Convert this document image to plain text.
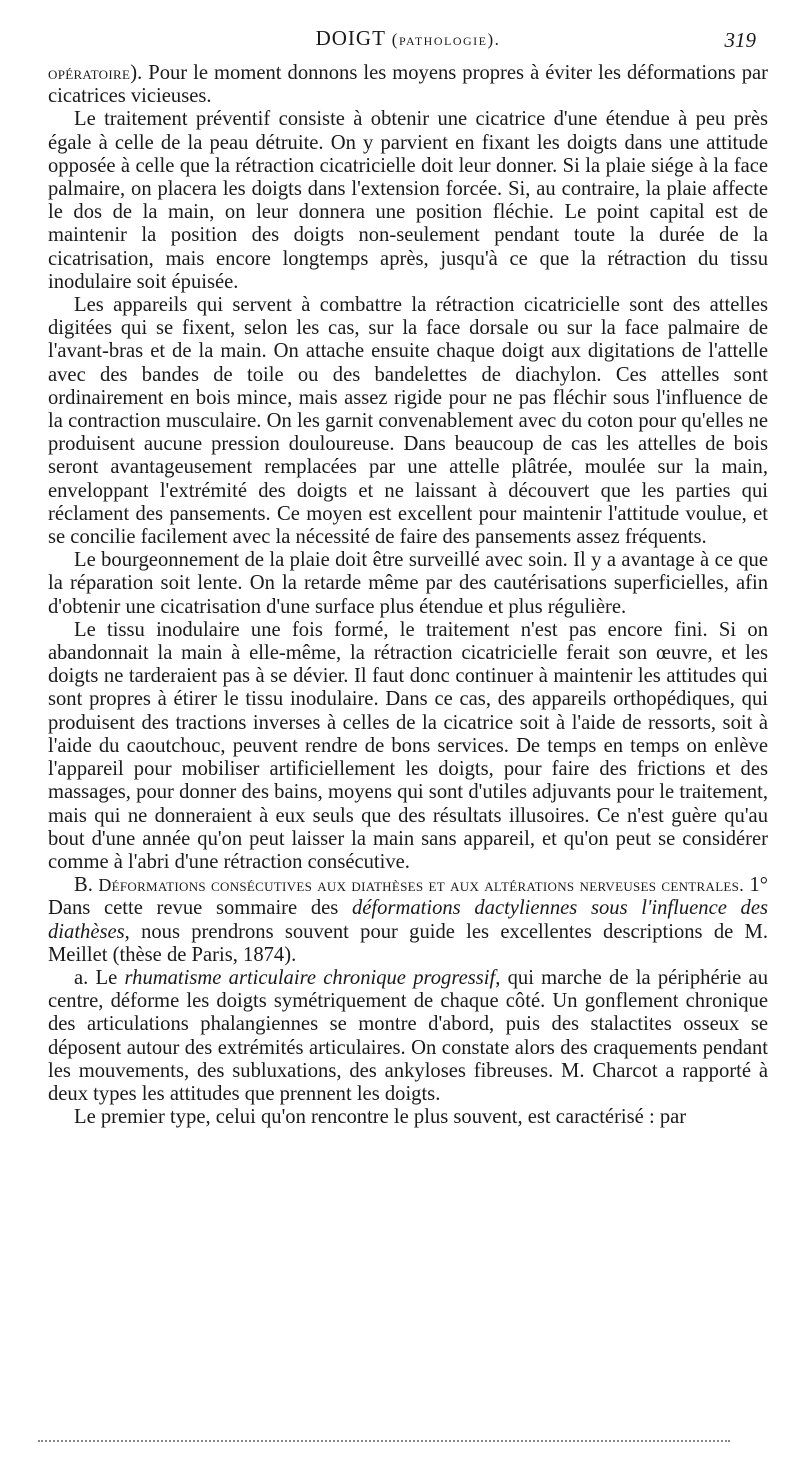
DOIGT (pathologie).	319

opératoire). Pour le moment donnons les moyens propres à éviter les déformations par cicatrices vicieuses.

Le traitement préventif consiste à obtenir une cicatrice d'une étendue à peu près égale à celle de la peau détruite. On y parvient en fixant les doigts dans une attitude opposée à celle que la rétraction cicatricielle doit leur donner. Si la plaie siége à la face palmaire, on placera les doigts dans l'extension forcée. Si, au contraire, la plaie affecte le dos de la main, on leur donnera une position fléchie. Le point capital est de maintenir la position des doigts non-seulement pendant toute la durée de la cicatrisation, mais encore longtemps après, jusqu'à ce que la rétraction du tissu inodulaire soit épuisée.

Les appareils qui servent à combattre la rétraction cicatricielle sont des attelles digitées qui se fixent, selon les cas, sur la face dorsale ou sur la face palmaire de l'avant-bras et de la main. On attache ensuite chaque doigt aux digitations de l'attelle avec des bandes de toile ou des bandelettes de diachylon. Ces attelles sont ordinairement en bois mince, mais assez rigide pour ne pas fléchir sous l'influence de la contraction musculaire. On les garnit convenablement avec du coton pour qu'elles ne produisent aucune pression douloureuse. Dans beaucoup de cas les attelles de bois seront avantageusement remplacées par une attelle plâtrée, moulée sur la main, enveloppant l'extrémité des doigts et ne laissant à découvert que les parties qui réclament des pansements. Ce moyen est excellent pour maintenir l'attitude voulue, et se concilie facilement avec la nécessité de faire des pansements assez fréquents.

Le bourgeonnement de la plaie doit être surveillé avec soin. Il y a avantage à ce que la réparation soit lente. On la retarde même par des cautérisations superficielles, afin d'obtenir une cicatrisation d'une surface plus étendue et plus régulière.

Le tissu inodulaire une fois formé, le traitement n'est pas encore fini. Si on abandonnait la main à elle-même, la rétraction cicatricielle ferait son œuvre, et les doigts ne tarderaient pas à se dévier. Il faut donc continuer à maintenir les attitudes qui sont propres à étirer le tissu inodulaire. Dans ce cas, des appareils orthopédiques, qui produisent des tractions inverses à celles de la cicatrice soit à l'aide de ressorts, soit à l'aide du caoutchouc, peuvent rendre de bons services. De temps en temps on enlève l'appareil pour mobiliser artificiellement les doigts, pour faire des frictions et des massages, pour donner des bains, moyens qui sont d'utiles adjuvants pour le traitement, mais qui ne donneraient à eux seuls que des résultats illusoires. Ce n'est guère qu'au bout d'une année qu'on peut laisser la main sans appareil, et qu'on peut se considérer comme à l'abri d'une rétraction consécutive.

B. Déformations consécutives aux diathèses et aux altérations nerveuses centrales. 1° Dans cette revue sommaire des déformations dactyliennes sous l'influence des diathèses, nous prendrons souvent pour guide les excellentes descriptions de M. Meillet (thèse de Paris, 1874).

a. Le rhumatisme articulaire chronique progressif, qui marche de la périphérie au centre, déforme les doigts symétriquement de chaque côté. Un gonflement chronique des articulations phalangiennes se montre d'abord, puis des stalactites osseux se déposent autour des extrémités articulaires. On constate alors des craquements pendant les mouvements, des subluxations, des ankyloses fibreuses. M. Charcot a rapporté à deux types les attitudes que prennent les doigts.

Le premier type, celui qu'on rencontre le plus souvent, est caractérisé : par
